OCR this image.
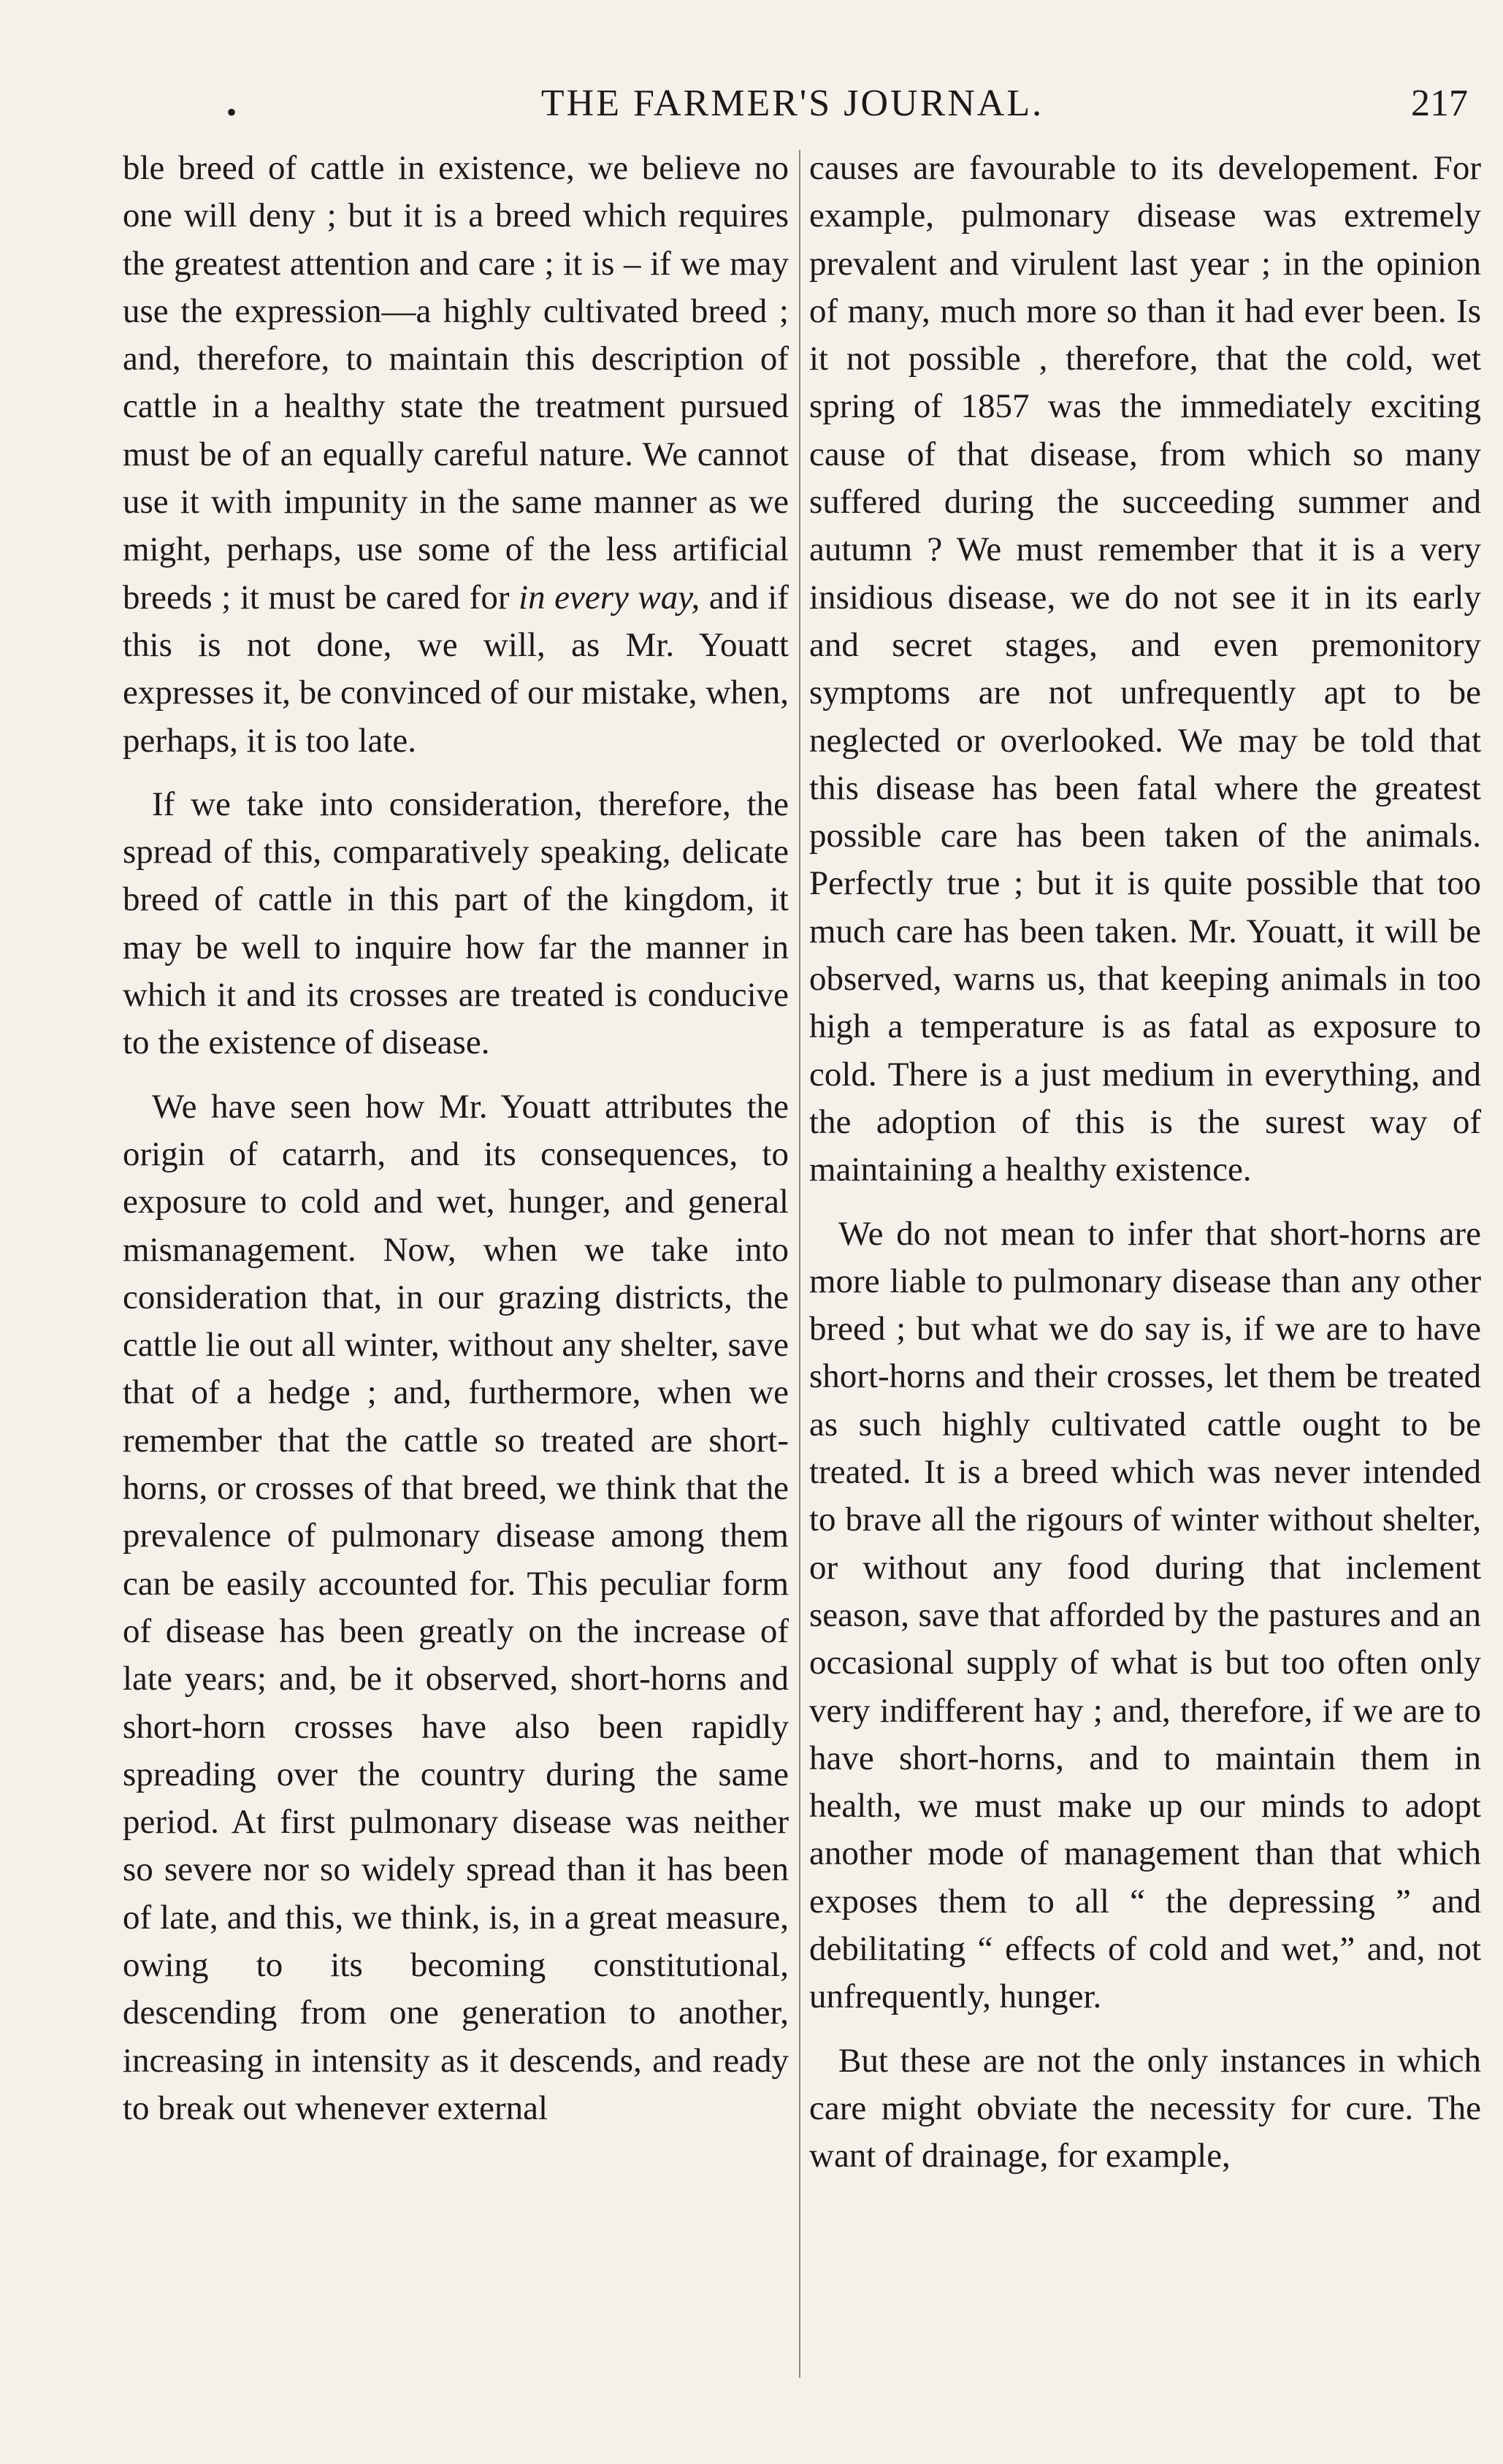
•	THE FARMER'S JOURNAL.	217

ble breed of cattle in existence, we believe no one will deny ; but it is a breed which requires the greatest attention and care ; it is – if we may use the expression—a highly cultivated breed ; and, therefore, to maintain this description of cattle in a healthy state the treatment pursued must be of an equally careful nature. We cannot use it with impunity in the same manner as we might, perhaps, use some of the less artificial breeds ; it must be cared for in every way, and if this is not done, we will, as Mr. Youatt expresses it, be convinced of our mistake, when, perhaps, it is too late.

If we take into consideration, therefore, the spread of this, comparatively speaking, delicate breed of cattle in this part of the kingdom, it may be well to inquire how far the manner in which it and its crosses are treated is conducive to the existence of disease.

We have seen how Mr. Youatt attributes the origin of catarrh, and its consequences, to exposure to cold and wet, hunger, and general mismanagement. Now, when we take into consideration that, in our grazing districts, the cattle lie out all winter, without any shelter, save that of a hedge ; and, furthermore, when we remember that the cattle so treated are short-horns, or crosses of that breed, we think that the prevalence of pulmonary disease among them can be easily accounted for. This peculiar form of disease has been greatly on the increase of late years; and, be it observed, short-horns and short-horn crosses have also been rapidly spreading over the country during the same period. At first pulmonary disease was neither so severe nor so widely spread than it has been of late, and this, we think, is, in a great measure, owing to its becoming constitutional, descending from one generation to another, increasing in intensity as it descends, and ready to break out whenever external

causes are favourable to its developement. For example, pulmonary disease was extremely prevalent and virulent last year ; in the opinion of many, much more so than it had ever been. Is it not possible , therefore, that the cold, wet spring of 1857 was the immediately exciting cause of that disease, from which so many suffered during the succeeding summer and autumn ? We must remember that it is a very insidious disease, we do not see it in its early and secret stages, and even premonitory symptoms are not unfrequently apt to be neglected or overlooked. We may be told that this disease has been fatal where the greatest possible care has been taken of the animals. Perfectly true ; but it is quite possible that too much care has been taken. Mr. Youatt, it will be observed, warns us, that keeping animals in too high a temperature is as fatal as exposure to cold. There is a just medium in everything, and the adoption of this is the surest way of maintaining a healthy existence.

We do not mean to infer that short-horns are more liable to pulmonary disease than any other breed ; but what we do say is, if we are to have short-horns and their crosses, let them be treated as such highly cultivated cattle ought to be treated. It is a breed which was never intended to brave all the rigours of winter without shelter, or without any food during that inclement season, save that afforded by the pastures and an occasional supply of what is but too often only very indifferent hay ; and, therefore, if we are to have short-horns, and to maintain them in health, we must make up our minds to adopt another mode of management than that which exposes them to all “ the depressing ” and debilitating “ effects of cold and wet,” and, not unfrequently, hunger.

But these are not the only instances in which care might obviate the necessity for cure. The want of drainage, for example,
